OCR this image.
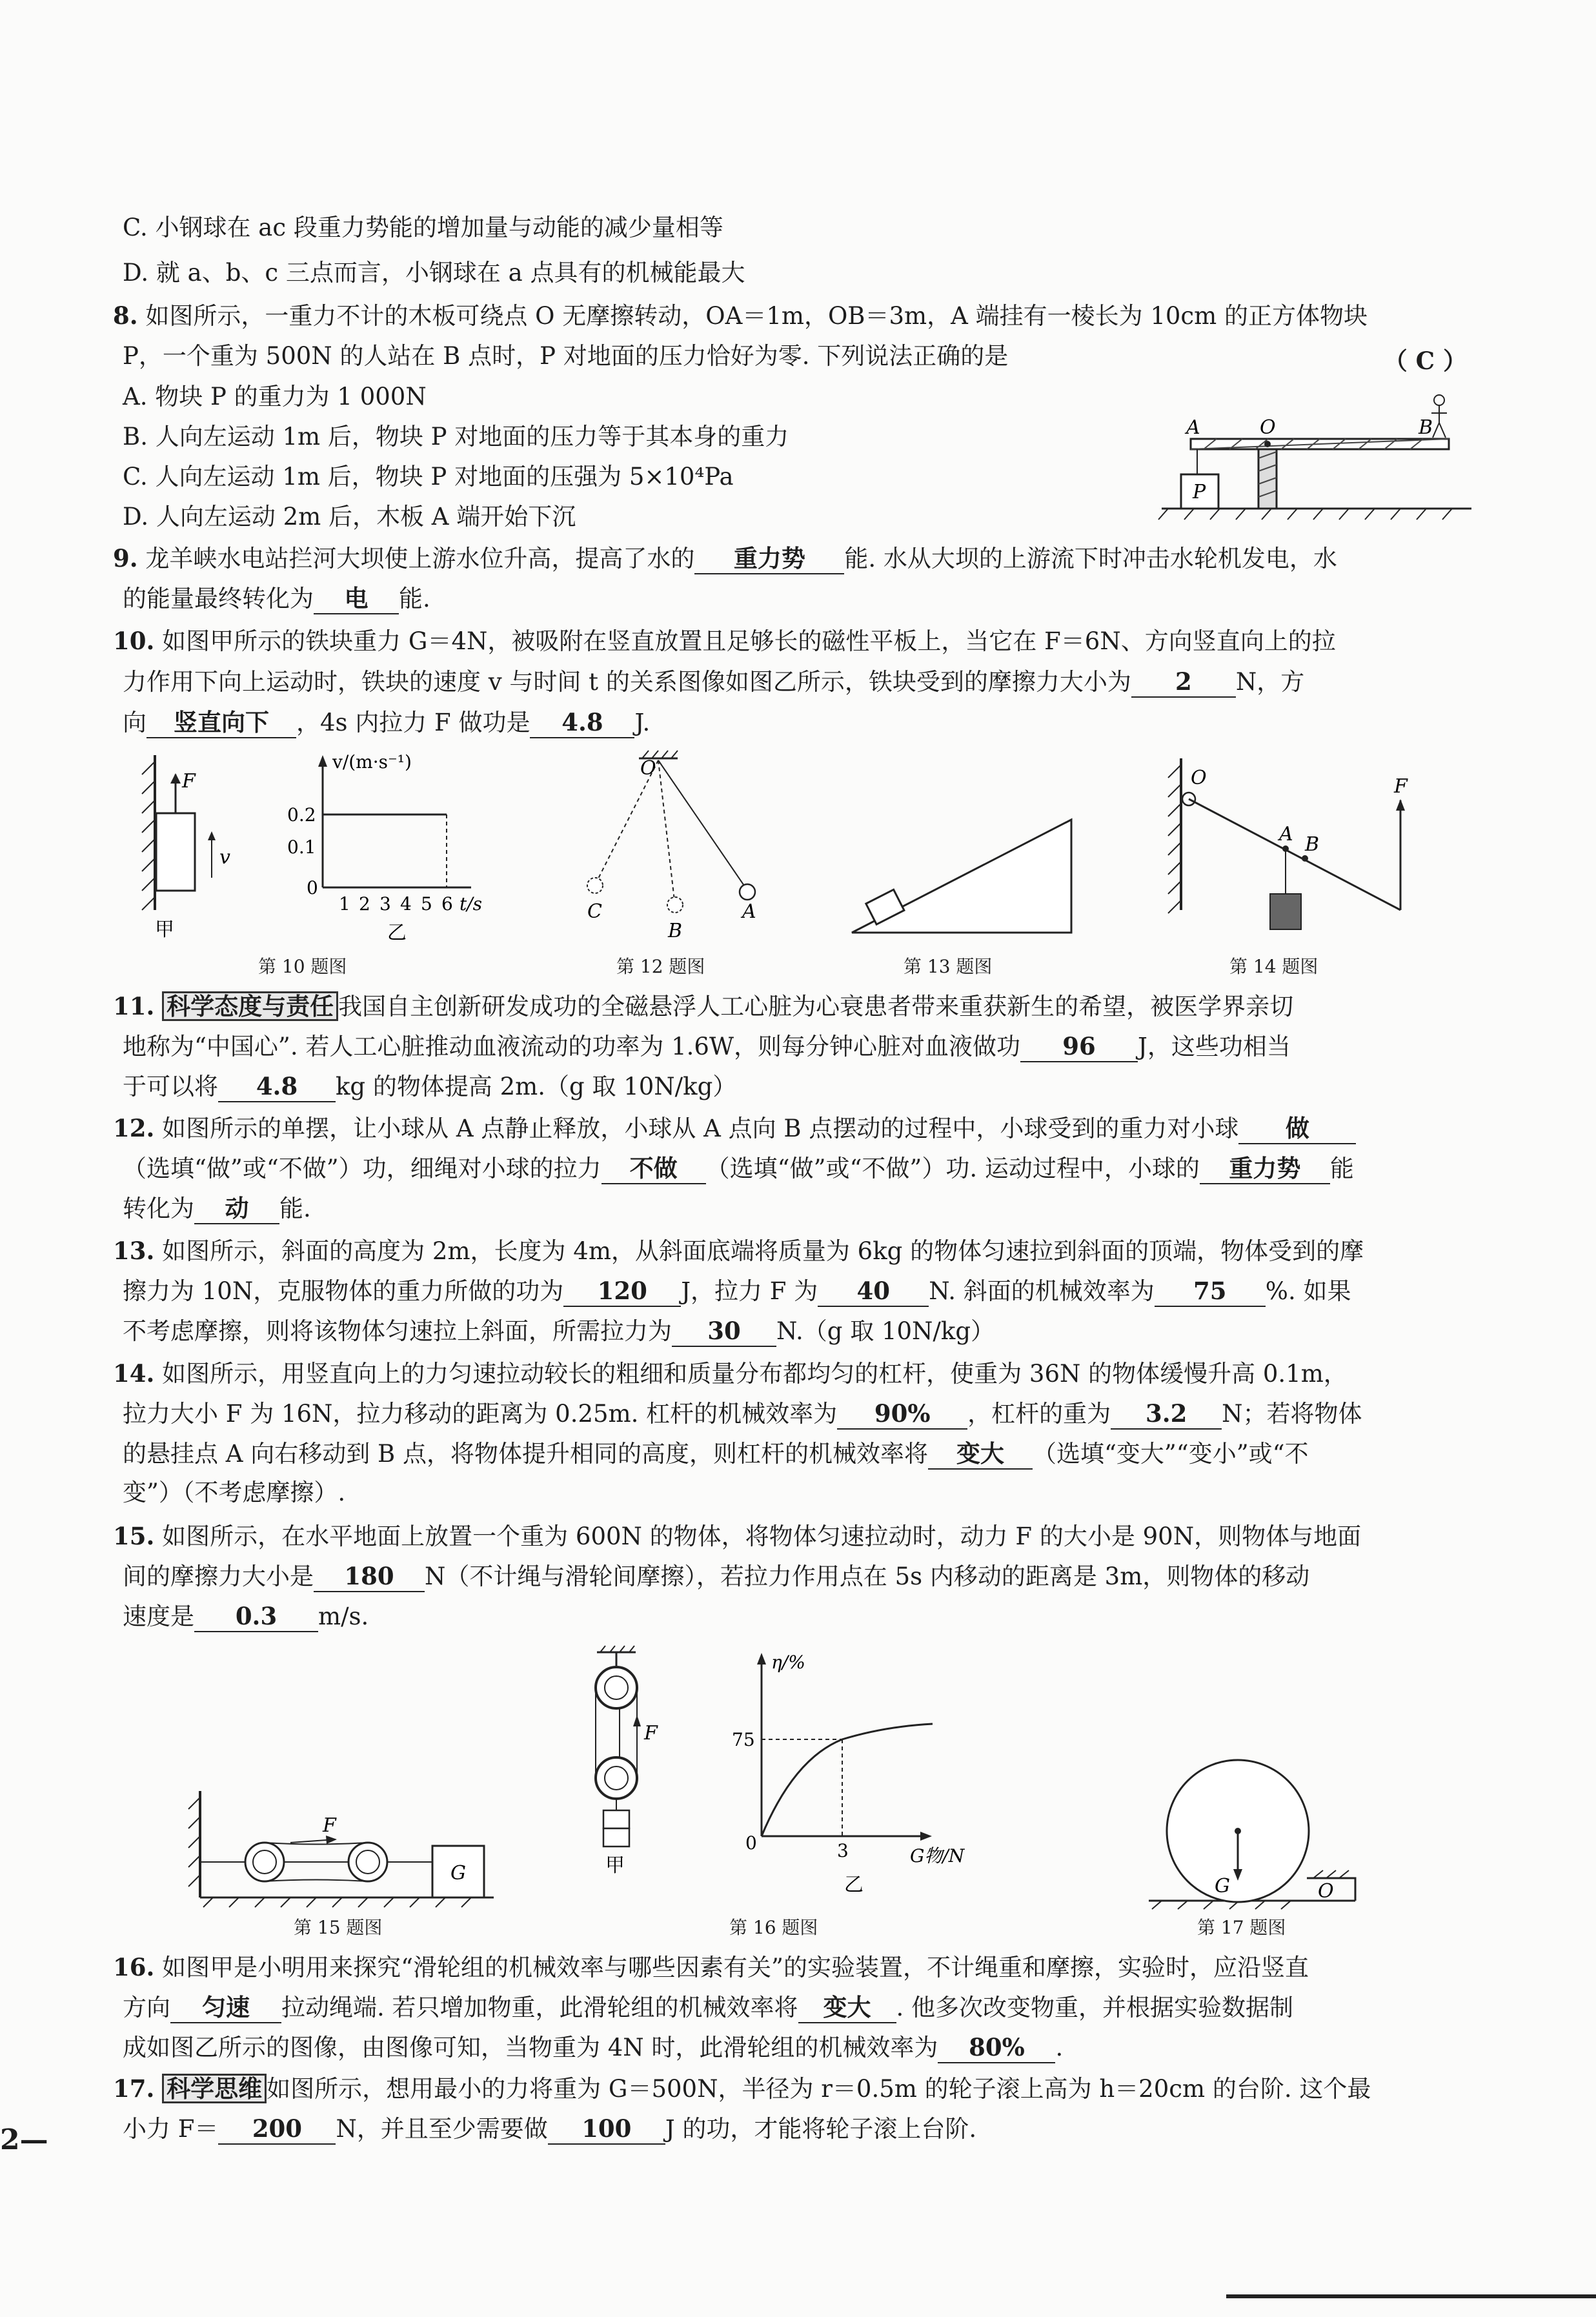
C. 小钢球在 ac 段重力势能的增加量与动能的减少量相等
D. 就 a、b、c 三点而言，小钢球在 a 点具有的机械能最大
8. 如图所示，一重力不计的木板可绕点 O 无摩擦转动，OA＝1m，OB＝3m，A 端挂有一棱长为 10cm 的正方体物块
P，一个重为 500N 的人站在 B 点时，P 对地面的压力恰好为零. 下列说法正确的是	（ C ）
A. 物块 P 的重力为 1 000N
B. 人向左运动 1m 后，物块 P 对地面的压力等于其本身的重力
C. 人向左运动 1m 后，物块 P 对地面的压强为 5×10⁴Pa
D. 人向左运动 2m 后，木板 A 端开始下沉
A	O	B
P
9. 龙羊峡水电站拦河大坝使上游水位升高，提高了水的 重力势 能. 水从大坝的上游流下时冲击水轮机发电，水
的能量最终转化为 电 能.
10. 如图甲所示的铁块重力 G＝4N，被吸附在竖直放置且足够长的磁性平板上，当它在 F＝6N、方向竖直向上的拉
力作用下向上运动时，铁块的速度 v 与时间 t 的关系图像如图乙所示，铁块受到的摩擦力大小为 2 N，方
向 竖直向下 ，4s 内拉力 F 做功是 4.8 J.
F
v
甲
v/(m·s⁻¹)
0.2
0.1
0
1 2 3 4 5 6 t/s
乙
第 10 题图
O
A
B
C
第 12 题图	第 13 题图
O
A B
F
第 14 题图
11. 科学态度与责任 我国自主创新研发成功的全磁悬浮人工心脏为心衰患者带来重获新生的希望，被医学界亲切
地称为“中国心”. 若人工心脏推动血液流动的功率为 1.6W，则每分钟心脏对血液做功 96 J，这些功相当
于可以将 4.8 kg 的物体提高 2m.（g 取 10N/kg）
12. 如图所示的单摆，让小球从 A 点静止释放，小球从 A 点向 B 点摆动的过程中，小球受到的重力对小球 做
（选填“做”或“不做”）功，细绳对小球的拉力 不做 （选填“做”或“不做”）功. 运动过程中，小球的 重力势 能
转化为 动 能.
13. 如图所示，斜面的高度为 2m，长度为 4m，从斜面底端将质量为 6kg 的物体匀速拉到斜面的顶端，物体受到的摩
擦力为 10N，克服物体的重力所做的功为 120 J，拉力 F 为 40 N. 斜面的机械效率为 75 %. 如果
不考虑摩擦，则将该物体匀速拉上斜面，所需拉力为 30 N.（g 取 10N/kg）
14. 如图所示，用竖直向上的力匀速拉动较长的粗细和质量分布都均匀的杠杆，使重为 36N 的物体缓慢升高 0.1m，
拉力大小 F 为 16N，拉力移动的距离为 0.25m. 杠杆的机械效率为 90% ，杠杆的重为 3.2 N；若将物体
的悬挂点 A 向右移动到 B 点，将物体提升相同的高度，则杠杆的机械效率将 变大 （选填“变大”“变小”或“不
变”）（不考虑摩擦）.
15. 如图所示，在水平地面上放置一个重为 600N 的物体，将物体匀速拉动时，动力 F 的大小是 90N，则物体与地面
间的摩擦力大小是 180 N（不计绳与滑轮间摩擦），若拉力作用点在 5s 内移动的距离是 3m，则物体的移动
速度是 0.3 m/s.
F
G
第 15 题图
F
甲
η/%
75
0	3	G物/N
乙
第 16 题图
G	O
第 17 题图
16. 如图甲是小明用来探究“滑轮组的机械效率与哪些因素有关”的实验装置，不计绳重和摩擦，实验时，应沿竖直
方向 匀速 拉动绳端. 若只增加物重，此滑轮组的机械效率将 变大 . 他多次改变物重，并根据实验数据制
成如图乙所示的图像，由图像可知，当物重为 4N 时，此滑轮组的机械效率为 80% .
17. 科学思维 如图所示，想用最小的力将重为 G＝500N，半径为 r＝0.5m 的轮子滚上高为 h＝20cm 的台阶. 这个最
小力 F＝ 200 N，并且至少需要做 100 J 的功，才能将轮子滚上台阶.
2—
